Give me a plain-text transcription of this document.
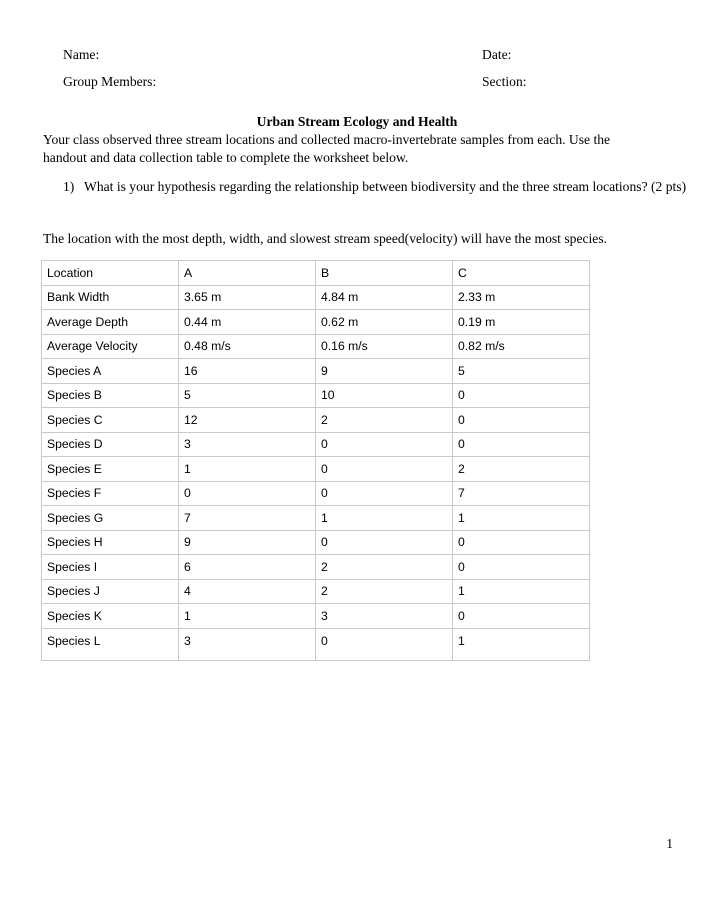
Name:	Date:
Group Members:	Section:
Urban Stream Ecology and Health
Your class observed three stream locations and collected macro-invertebrate samples from each. Use the handout and data collection table to complete the worksheet below.
1) What is your hypothesis regarding the relationship between biodiversity and the three stream locations? (2 pts)
The location with the most depth, width, and slowest stream speed(velocity) will have the most species.
Location	A	B	C
Bank Width	3.65 m	4.84 m	2.33 m
Average Depth	0.44 m	0.62 m	0.19 m
Average Velocity	0.48 m/s	0.16 m/s	0.82 m/s
Species A	16	9	5
Species B	5	10	0
Species C	12	2	0
Species D	3	0	0
Species E	1	0	2
Species F	0	0	7
Species G	7	1	1
Species H	9	0	0
Species I	6	2	0
Species J	4	2	1
Species K	1	3	0
Species L	3	0	1
1
